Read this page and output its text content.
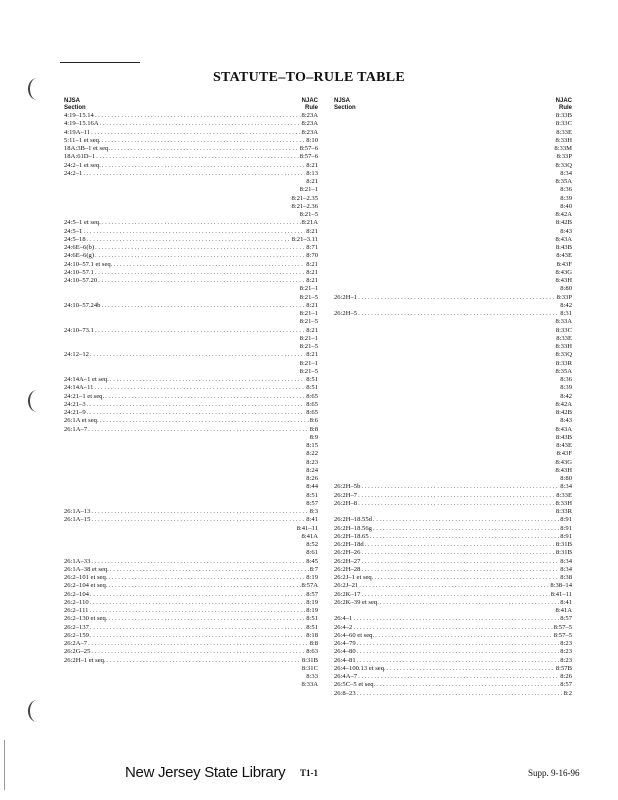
STATUTE–TO–RULE TABLE
NJSA
Section
NJAC
Rule
4:19–15.14 . . .	8:23A
4:19–15.16A . . .	8:23A
4:19A–11 . . .	8:23A
5:11–1 et seq. . . .	8:10
18A:3B–1 et seq. . . .	8:57–6
18A:61D–1 . . .	8:57–6
24:2–1 et seq. . . .	8:21
24:2–1 . . .	8:13
8:21
8:21–1
8:21–2.35
8:21–2.36
8:21–5
24:5–1 et seq. . . .	8:21A
24:5–1 . . .	8:21
24:5–18 . . .	8:21–3.11
24:6E–6(b) . . .	8:71
24:6E–6(g) . . .	8:70
24:10–57.1 et seq. . . .	8:21
24:10–57.1 . . .	8:21
24:10–57.20 . . .	8:21
8:21–1
8:21–5
24:10–57.24b . . .	8:21
8:21–1
8:21–5
24:10–73.1 . . .	8:21
8:21–1
8:21–5
24:12–12 . . .	8:21
8:21–1
8:21–5
24:14A–1 et seq. . . .	8:51
24:14A–11 . . .	8:51
24:21–1 et seq. . . .	8:65
24:21–3 . . .	8:65
24:21–9 . . .	8:65
26:1A et seq. . . .	8:6
26:1A–7 . . .	8:8
8:9
8:15
8:22
8:23
8:24
8:26
8:44
8:51
8:57
26:1A–13 . . .	8:3
26:1A–15 . . .	8:41
8:41–11
8:41A
8:52
8:61
26:1A–33 . . .	8:45
26:1A–38 et seq. . . .	8:7
26:2–101 et seq. . . .	8:19
26:2–104 et seq. . . .	8:57A
26:2–104 . . .	8:57
26:2–110 . . .	8:19
26:2–111 . . .	8:19
26:2–130 et seq. . . .	8:51
26:2–137 . . .	8:51
26:2–159 . . .	8:18
26:2A–7 . . .	8:8
26:2G–25 . . .	8:63
26:2H–1 et seq. . . .	8:31B
8:31C
8:33
8:33A
NJSA
Section
NJAC
Rule
8:33B
8:33C
8:33E
8:33H
8:33M
8:33P
8:33Q
8:34
8:35A
8:36
8:39
8:40
8:42A
8:42B
8:43
8:43A
8:43B
8:43E
8:43F
8:43G
8:43H
8:80
26:2H–1 . . .	8:33P
8:42
26:2H–5 . . .	8:31
8:33A
8:33C
8:33E
8:33H
8:33Q
8:33R
8:35A
8:36
8:39
8:42
8:42A
8:42B
8:43
8:43A
8:43B
8:43E
8:43F
8:43G
8:43H
8:80
26:2H–5b . . .	8:34
26:2H–7 . . .	8:33E
26:2H–8 . . .	8:33H
8:33R
26:2H–18.55d . . .	8:91
26:2H–18.56g . . .	8:91
26:2H–18.65 . . .	8:91
26:2H–18d . . .	8:31B
26:2H–26 . . .	8:31B
26:2H–27 . . .	8:34
26:2H–28 . . .	8:34
26:2J–1 et seq. . . .	8:38
26:2J–21 . . .	8:38–14
26:2K–17 . . .	8:41–11
26:2K–39 et seq. . . .	8:41
8:41A
26:4–1 . . .	8:57
26:4–2 . . .	8:57–5
26:4–60 et seq. . . .	8:57–5
26:4–79 . . .	8:23
26:4–80 . . .	8:23
26:4–81 . . .	8:23
26:4–100.13 et seq. . . .	8:57B
26:4A–7 . . .	8:26
26:5C–5 et seq. . . .	8:57
26:8–23 . . .	8:2
New Jersey State Library T1-1	Supp. 9-16-96
